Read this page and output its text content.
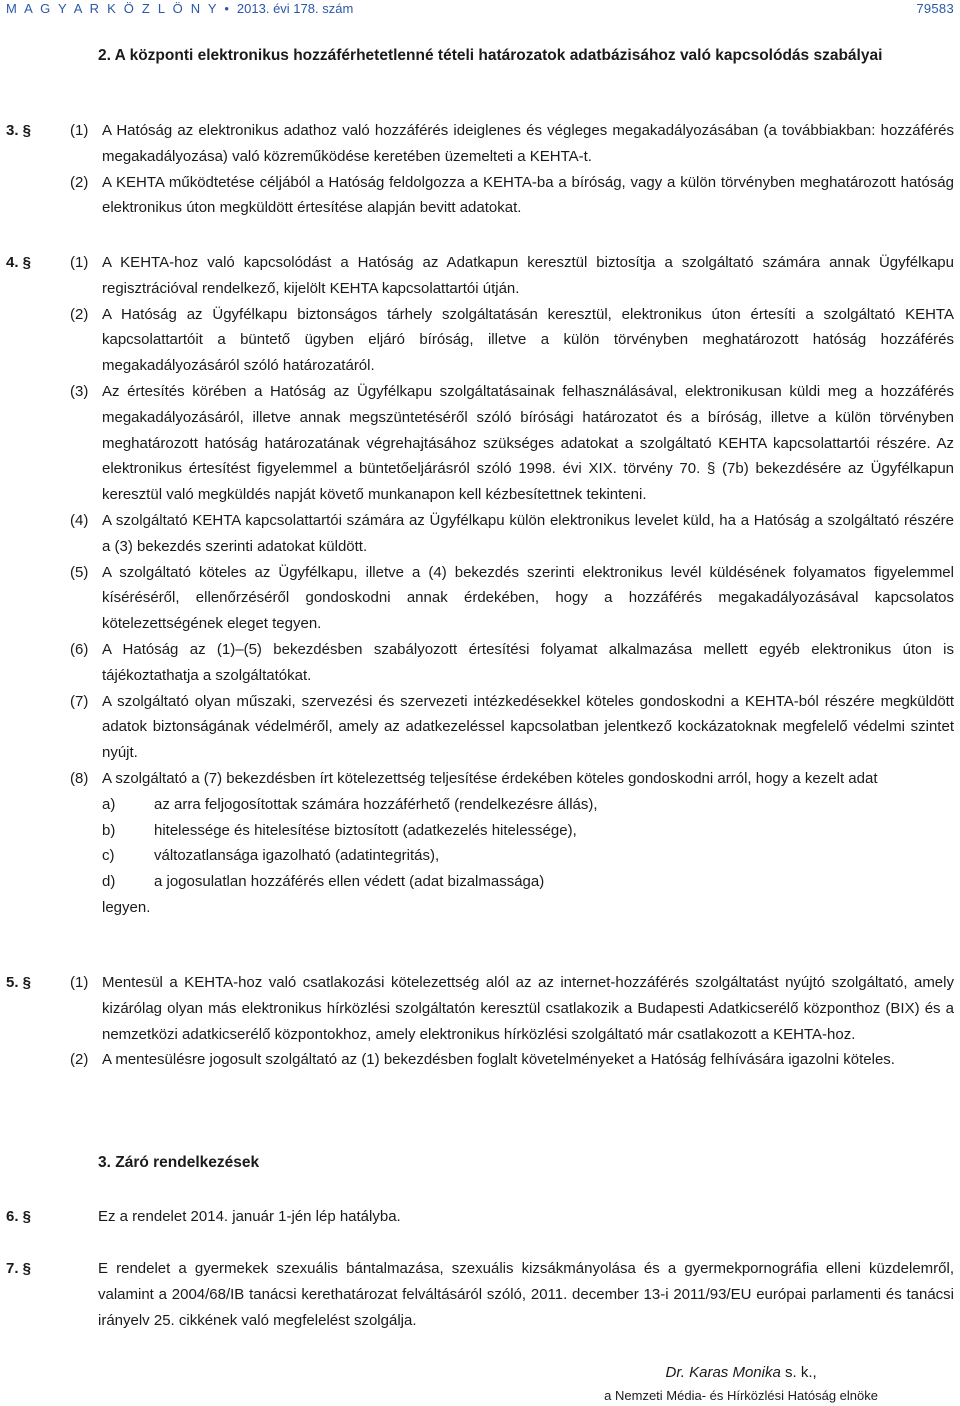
M A G Y A R K Ö Z L Ö N Y • 2013. évi 178. szám	79583
2. A központi elektronikus hozzáférhetetlenné tételi határozatok adatbázisához való kapcsolódás szabályai
3. §	(1) A Hatóság az elektronikus adathoz való hozzáférés ideiglenes és végleges megakadályozásában (a továbbiakban: hozzáférés megakadályozása) való közreműködése keretében üzemelteti a KEHTA-t.
(2) A KEHTA működtetése céljából a Hatóság feldolgozza a KEHTA-ba a bíróság, vagy a külön törvényben meghatározott hatóság elektronikus úton megküldött értesítése alapján bevitt adatokat.
4. §	(1) A KEHTA-hoz való kapcsolódást a Hatóság az Adatkapun keresztül biztosítja a szolgáltató számára annak Ügyfélkapu regisztrációval rendelkező, kijelölt KEHTA kapcsolattartói útján.
(2) A Hatóság az Ügyfélkapu biztonságos tárhely szolgáltatásán keresztül, elektronikus úton értesíti a szolgáltató KEHTA kapcsolattartóit a büntető ügyben eljáró bíróság, illetve a külön törvényben meghatározott hatóság hozzáférés megakadályozásáról szóló határozatáról.
(3) Az értesítés körében a Hatóság az Ügyfélkapu szolgáltatásainak felhasználásával, elektronikusan küldi meg a hozzáférés megakadályozásáról, illetve annak megszüntetéséről szóló bírósági határozatot és a bíróság, illetve a külön törvényben meghatározott hatóság határozatának végrehajtásához szükséges adatokat a szolgáltató KEHTA kapcsolattartói részére. Az elektronikus értesítést figyelemmel a büntetőeljárásról szóló 1998. évi XIX. törvény 70. § (7b) bekezdésére az Ügyfélkapun keresztül való megküldés napját követő munkanapon kell kézbesítettnek tekinteni.
(4) A szolgáltató KEHTA kapcsolattartói számára az Ügyfélkapu külön elektronikus levelet küld, ha a Hatóság a szolgáltató részére a (3) bekezdés szerinti adatokat küldött.
(5) A szolgáltató köteles az Ügyfélkapu, illetve a (4) bekezdés szerinti elektronikus levél küldésének folyamatos figyelemmel kíséréséről, ellenőrzéséről gondoskodni annak érdekében, hogy a hozzáférés megakadályozásával kapcsolatos kötelezettségének eleget tegyen.
(6) A Hatóság az (1)–(5) bekezdésben szabályozott értesítési folyamat alkalmazása mellett egyéb elektronikus úton is tájékoztathatja a szolgáltatókat.
(7) A szolgáltató olyan műszaki, szervezési és szervezeti intézkedésekkel köteles gondoskodni a KEHTA-ból részére megküldött adatok biztonságának védelméről, amely az adatkezeléssel kapcsolatban jelentkező kockázatoknak megfelelő védelmi szintet nyújt.
(8) A szolgáltató a (7) bekezdésben írt kötelezettség teljesítése érdekében köteles gondoskodni arról, hogy a kezelt adat
a)	az arra feljogosítottak számára hozzáférhető (rendelkezésre állás),
b)	hitelessége és hitelesítése biztosított (adatkezelés hitelessége),
c)	változatlansága igazolható (adatintegritás),
d)	a jogosulatlan hozzáférés ellen védett (adat bizalmassága)
legyen.
5. §	(1) Mentesül a KEHTA-hoz való csatlakozási kötelezettség alól az az internet-hozzáférés szolgáltatást nyújtó szolgáltató, amely kizárólag olyan más elektronikus hírközlési szolgáltatón keresztül csatlakozik a Budapesti Adatkicserélő központhoz (BIX) és a nemzetközi adatkicserélő központokhoz, amely elektronikus hírközlési szolgáltató már csatlakozott a KEHTA-hoz.
(2) A mentesülésre jogosult szolgáltató az (1) bekezdésben foglalt követelményeket a Hatóság felhívására igazolni köteles.
3. Záró rendelkezések
6. §	Ez a rendelet 2014. január 1-jén lép hatályba.
7. §	E rendelet a gyermekek szexuális bántalmazása, szexuális kizsákmányolása és a gyermekpornográfia elleni küzdelemről, valamint a 2004/68/IB tanácsi kerethatározat felváltásáról szóló, 2011. december 13-i 2011/93/EU európai parlamenti és tanácsi irányelv 25. cikkének való megfelelést szolgálja.
Dr. Karas Monika s. k.,
a Nemzeti Média- és Hírközlési Hatóság elnöke
